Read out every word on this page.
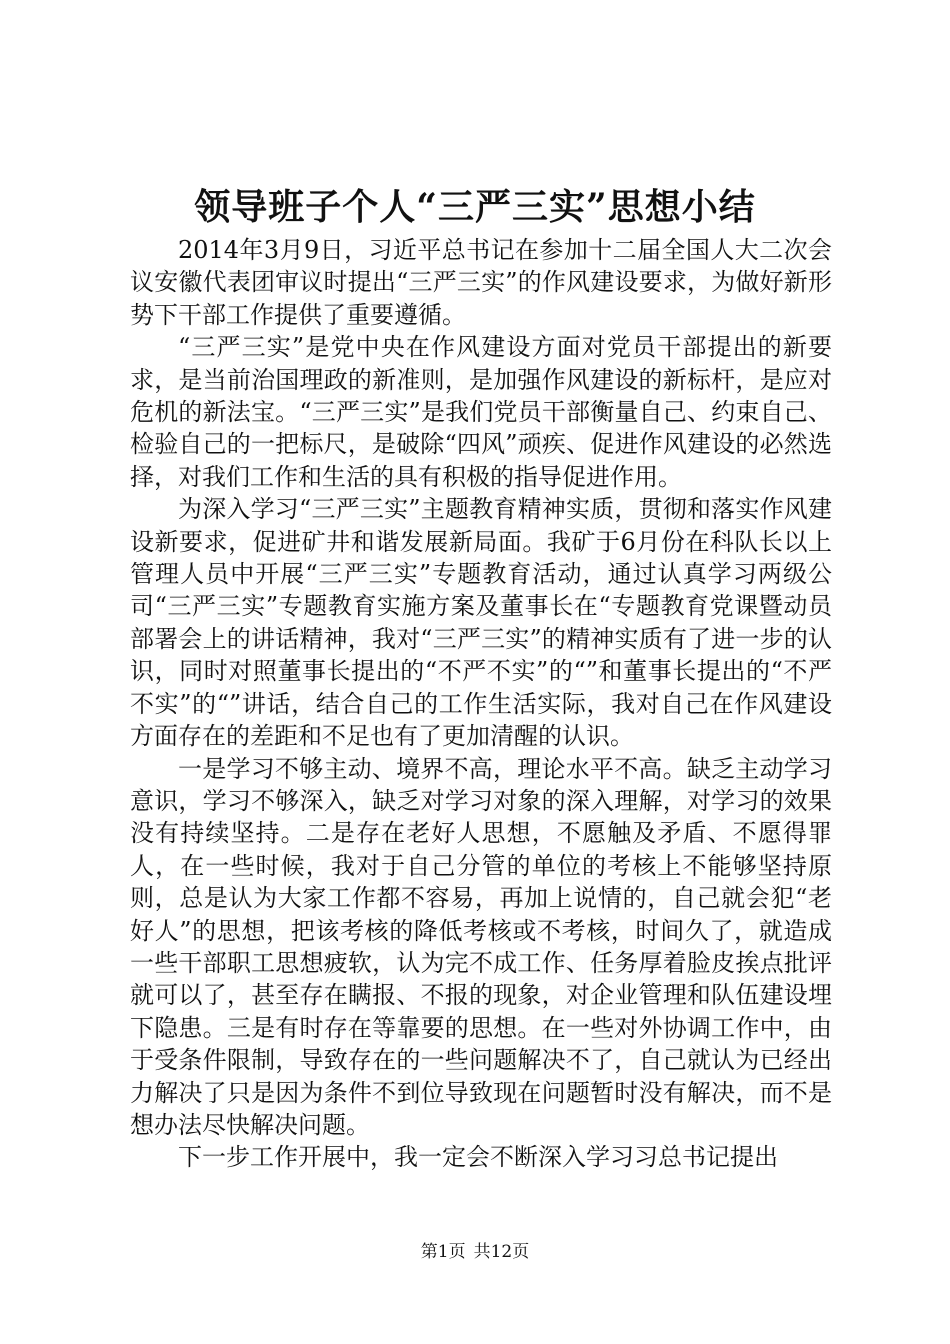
领导班子个人“三严三实”思想小结

2014年3月9日，习近平总书记在参加十二届全国人大二次会议安徽代表团审议时提出“三严三实”的作风建设要求，为做好新形势下干部工作提供了重要遵循。

“三严三实”是党中央在作风建设方面对党员干部提出的新要求，是当前治国理政的新准则，是加强作风建设的新标杆，是应对危机的新法宝。“三严三实”是我们党员干部衡量自己、约束自己、检验自己的一把标尺，是破除“四风”顽疾、促进作风建设的必然选择，对我们工作和生活的具有积极的指导促进作用。

为深入学习“三严三实”主题教育精神实质，贯彻和落实作风建设新要求，促进矿井和谐发展新局面。我矿于6月份在科队长以上管理人员中开展“三严三实”专题教育活动，通过认真学习两级公司“三严三实”专题教育实施方案及董事长在“专题教育党课暨动员部署会上的讲话精神，我对“三严三实”的精神实质有了进一步的认识，同时对照董事长提出的“不严不实”的“”和董事长提出的“不严不实”的“”讲话，结合自己的工作生活实际，我对自己在作风建设方面存在的差距和不足也有了更加清醒的认识。

一是学习不够主动、境界不高，理论水平不高。缺乏主动学习意识，学习不够深入，缺乏对学习对象的深入理解，对学习的效果没有持续坚持。二是存在老好人思想，不愿触及矛盾、不愿得罪人，在一些时候，我对于自己分管的单位的考核上不能够坚持原则，总是认为大家工作都不容易，再加上说情的，自己就会犯“老好人”的思想，把该考核的降低考核或不考核，时间久了，就造成一些干部职工思想疲软，认为完不成工作、任务厚着脸皮挨点批评就可以了，甚至存在瞒报、不报的现象，对企业管理和队伍建设埋下隐患。三是有时存在等靠要的思想。在一些对外协调工作中，由于受条件限制，导致存在的一些问题解决不了，自己就认为已经出力解决了只是因为条件不到位导致现在问题暂时没有解决，而不是想办法尽快解决问题。

下一步工作开展中，我一定会不断深入学习习总书记提出

第1页 共12页
